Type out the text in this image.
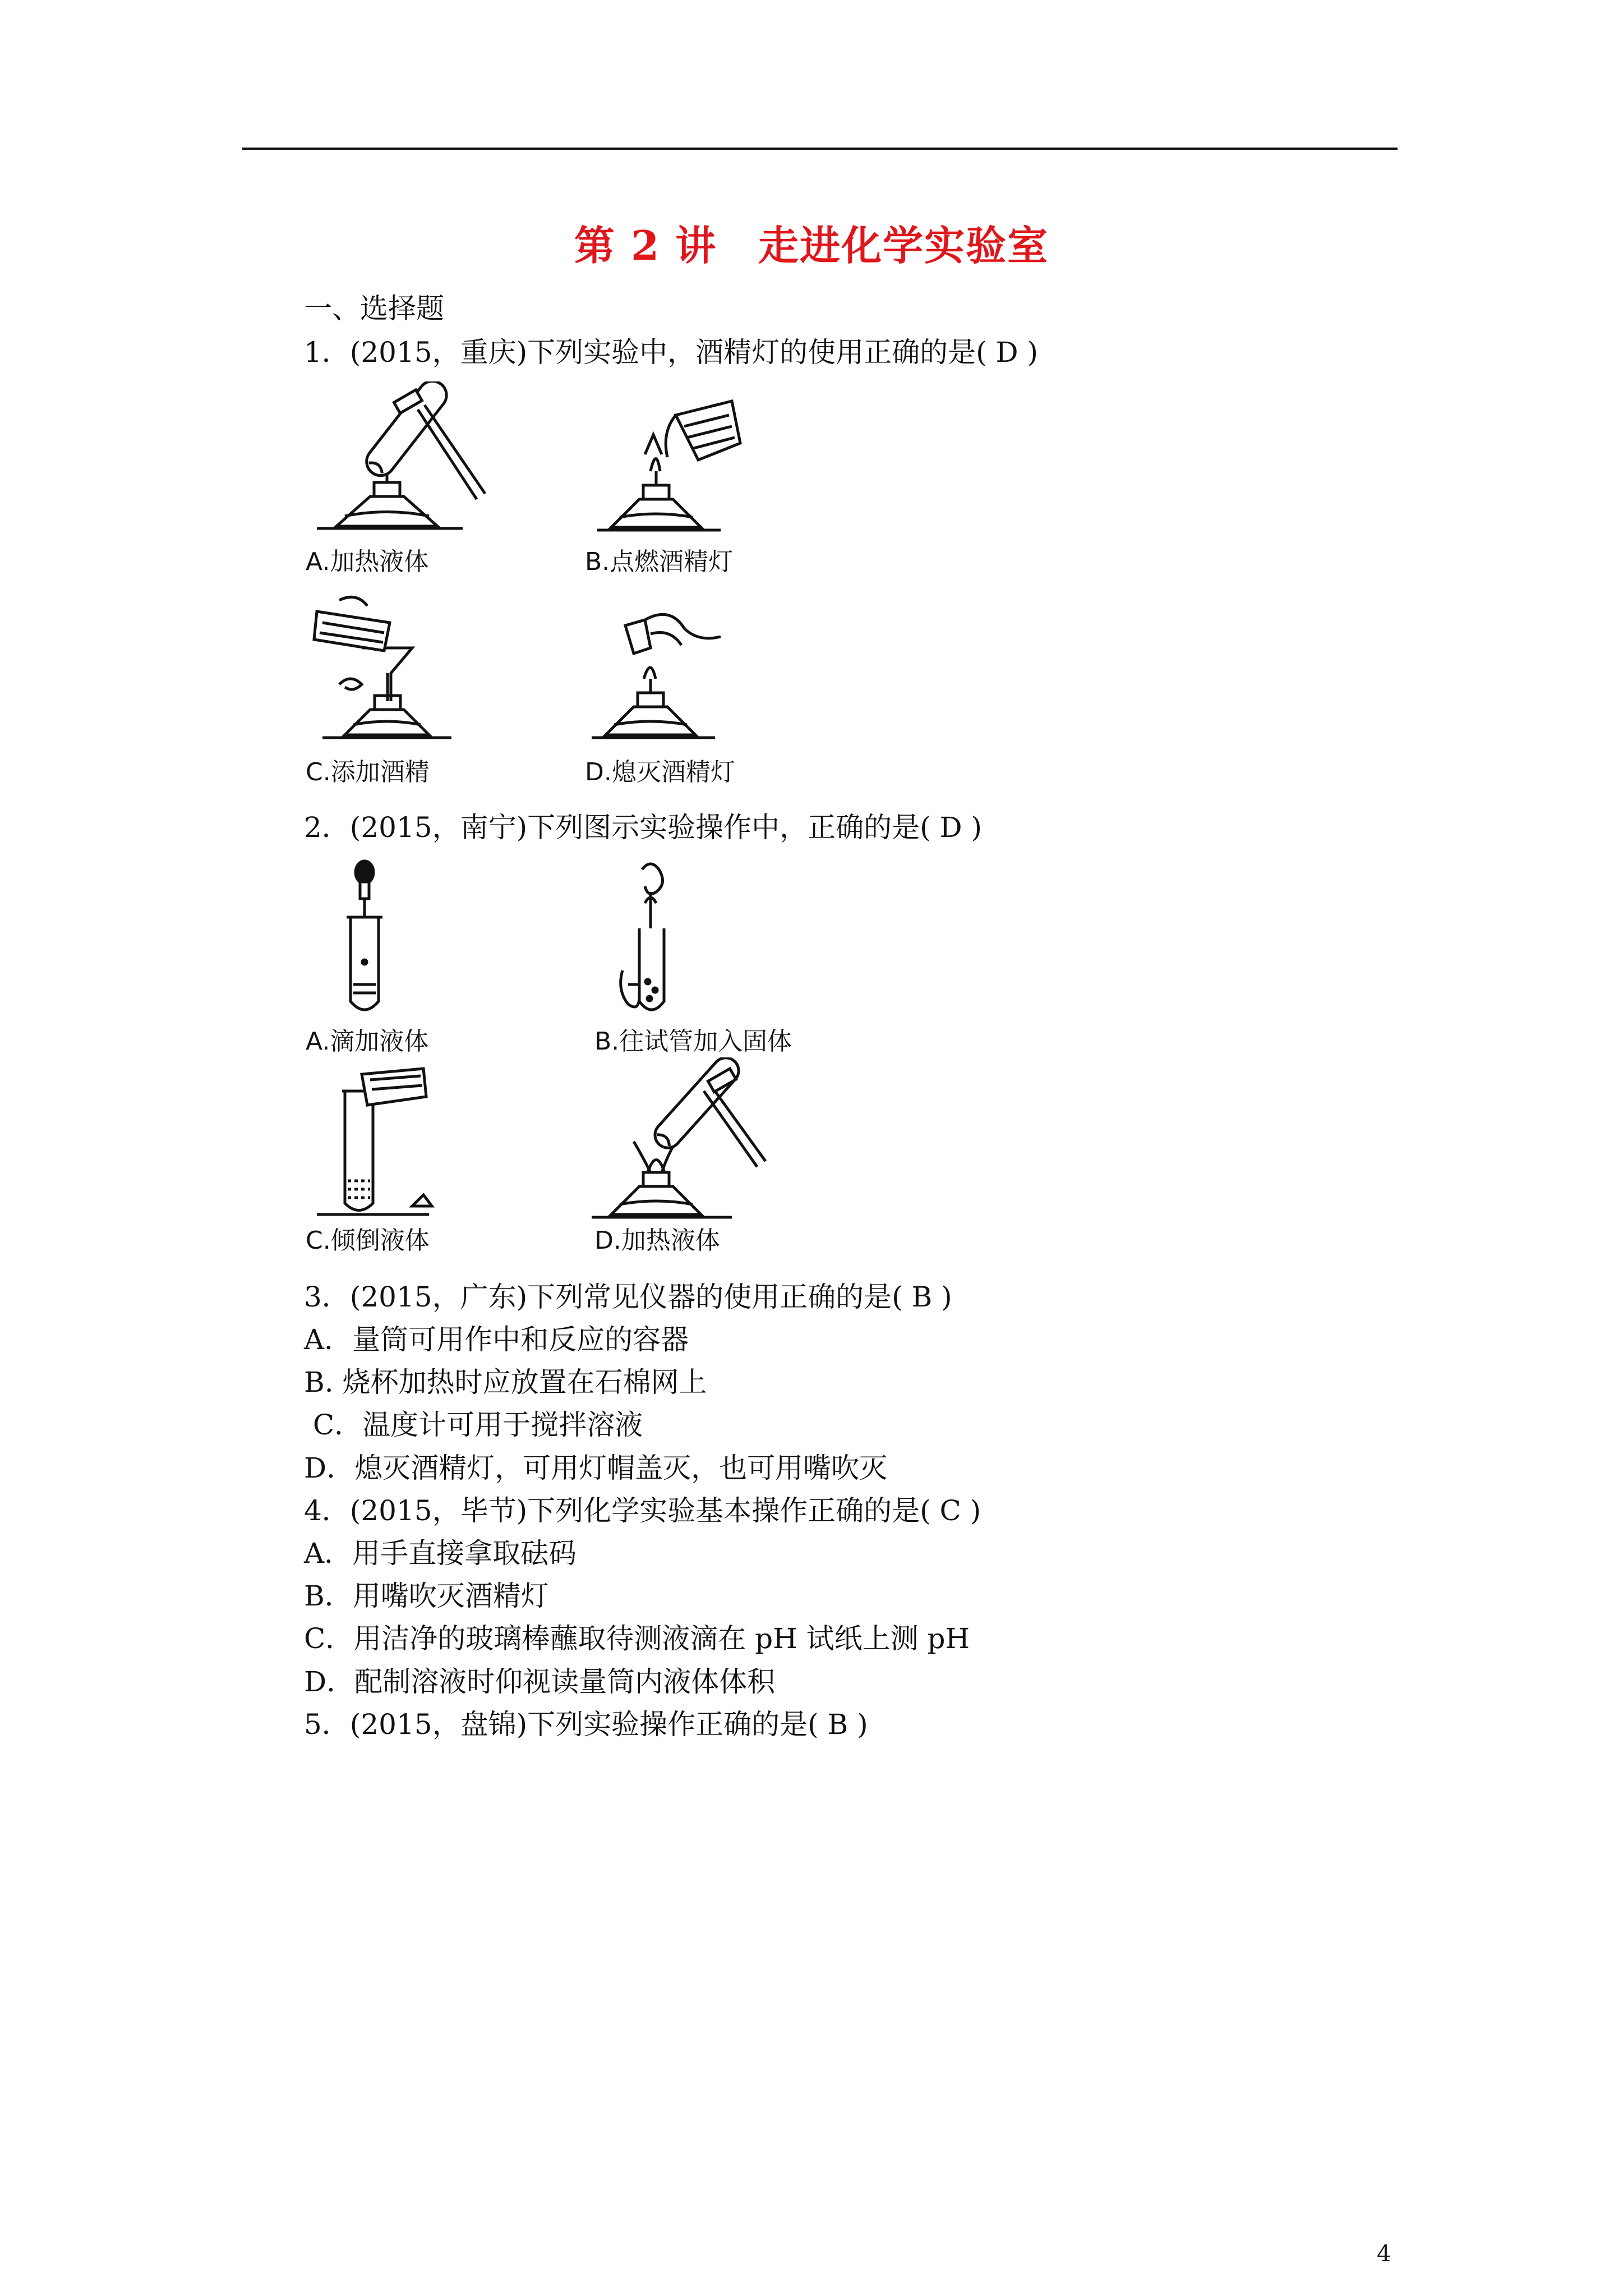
第 2 讲　走进化学实验室
一、选择题
1．(2015，重庆)下列实验中，酒精灯的使用正确的是( D )
A.加热液体	B.点燃酒精灯
C.添加酒精	D.熄灭酒精灯
2．(2015，南宁)下列图示实验操作中，正确的是( D )
A.滴加液体	B.往试管加入固体
C.倾倒液体	D.加热液体
3．(2015，广东)下列常见仪器的使用正确的是( B )
A．量筒可用作中和反应的容器
B. 烧杯加热时应放置在石棉网上
C．温度计可用于搅拌溶液
D．熄灭酒精灯，可用灯帽盖灭，也可用嘴吹灭
4．(2015，毕节)下列化学实验基本操作正确的是( C )
A．用手直接拿取砝码
B．用嘴吹灭酒精灯
C．用洁净的玻璃棒蘸取待测液滴在 pH 试纸上测 pH
D．配制溶液时仰视读量筒内液体体积
5．(2015，盘锦)下列实验操作正确的是( B )
4
